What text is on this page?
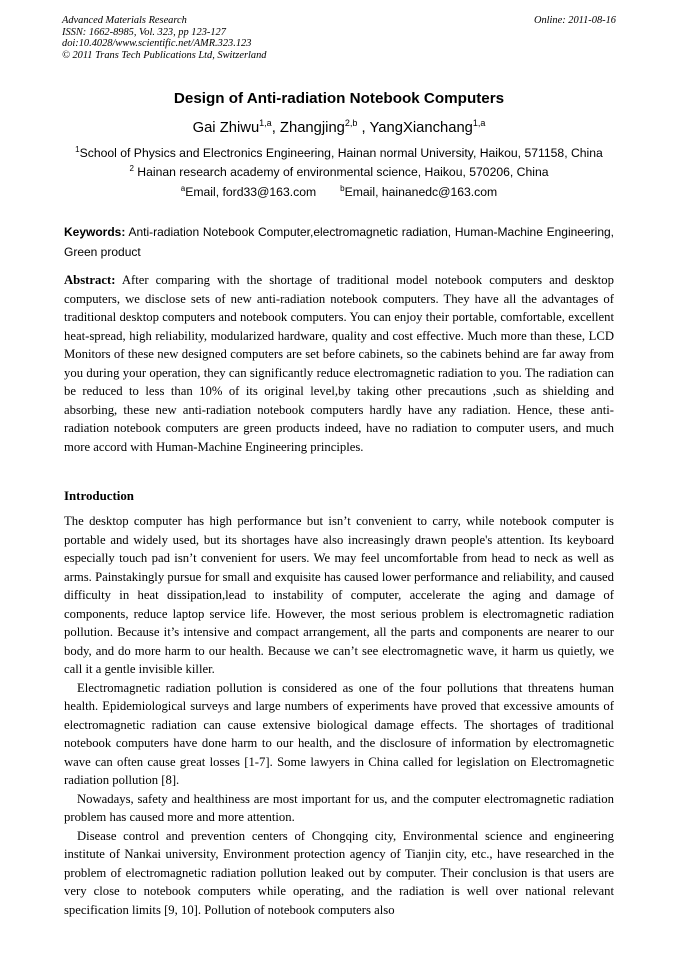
Advanced Materials Research
ISSN: 1662-8985, Vol. 323, pp 123-127
doi:10.4028/www.scientific.net/AMR.323.123
© 2011 Trans Tech Publications Ltd, Switzerland
Online: 2011-08-16
Design of Anti-radiation Notebook Computers
Gai Zhiwu$^{1,a}$, Zhangjing$^{2,b}$ , YangXianchang$^{1,a}$
$^1$School of Physics and Electronics Engineering, Hainan normal University, Haikou, 571158, China
$^2$ Hainan research academy of environmental science, Haikou, 570206, China
$^a$Email, ford33@163.com	$^b$Email, hainanedc@163.com
Keywords: Anti-radiation Notebook Computer,electromagnetic radiation, Human-Machine Engineering, Green product

Abstract: After comparing with the shortage of traditional model notebook computers and desktop computers, we disclose sets of new anti-radiation notebook computers. They have all the advantages of traditional desktop computers and notebook computers. You can enjoy their portable, comfortable, excellent heat-spread, high reliability, modularized hardware, quality and cost effective. Much more than these, LCD Monitors of these new designed computers are set before cabinets, so the cabinets behind are far away from you during your operation, they can significantly reduce electromagnetic radiation to you. The radiation can be reduced to less than 10% of its original level,by taking other precautions ,such as shielding and absorbing, these new anti-radiation notebook computers hardly have any radiation. Hence, these anti-radiation notebook computers are green products indeed, have no radiation to computer users, and much more accord with Human-Machine Engineering principles.

Introduction

The desktop computer has high performance but isn’t convenient to carry, while notebook computer is portable and widely used, but its shortages have also increasingly drawn people's attention. Its keyboard especially touch pad isn’t convenient for users. We may feel uncomfortable from head to neck as well as arms. Painstakingly pursue for small and exquisite has caused lower performance and reliability, and caused difficulty in heat dissipation,lead to instability of computer, accelerate the aging and damage of components, reduce laptop service life. However, the most serious problem is electromagnetic radiation pollution. Because it’s intensive and compact arrangement, all the parts and components are nearer to our body, and do more harm to our health. Because we can’t see electromagnetic wave, it harm us quietly, we call it a gentle invisible killer.

Electromagnetic radiation pollution is considered as one of the four pollutions that threatens human health. Epidemiological surveys and large numbers of experiments have proved that excessive amounts of electromagnetic radiation can cause extensive biological damage effects. The shortages of traditional notebook computers have done harm to our health, and the disclosure of information by electromagnetic wave can often cause great losses [1-7]. Some lawyers in China called for legislation on Electromagnetic radiation pollution [8].

Nowadays, safety and healthiness are most important for us, and the computer electromagnetic radiation problem has caused more and more attention.

Disease control and prevention centers of Chongqing city, Environmental science and engineering institute of Nankai university, Environment protection agency of Tianjin city, etc., have researched in the problem of electromagnetic radiation pollution leaked out by computer. Their conclusion is that users are very close to notebook computers while operating, and the radiation is well over national relevant specification limits [9, 10]. Pollution of notebook computers also
